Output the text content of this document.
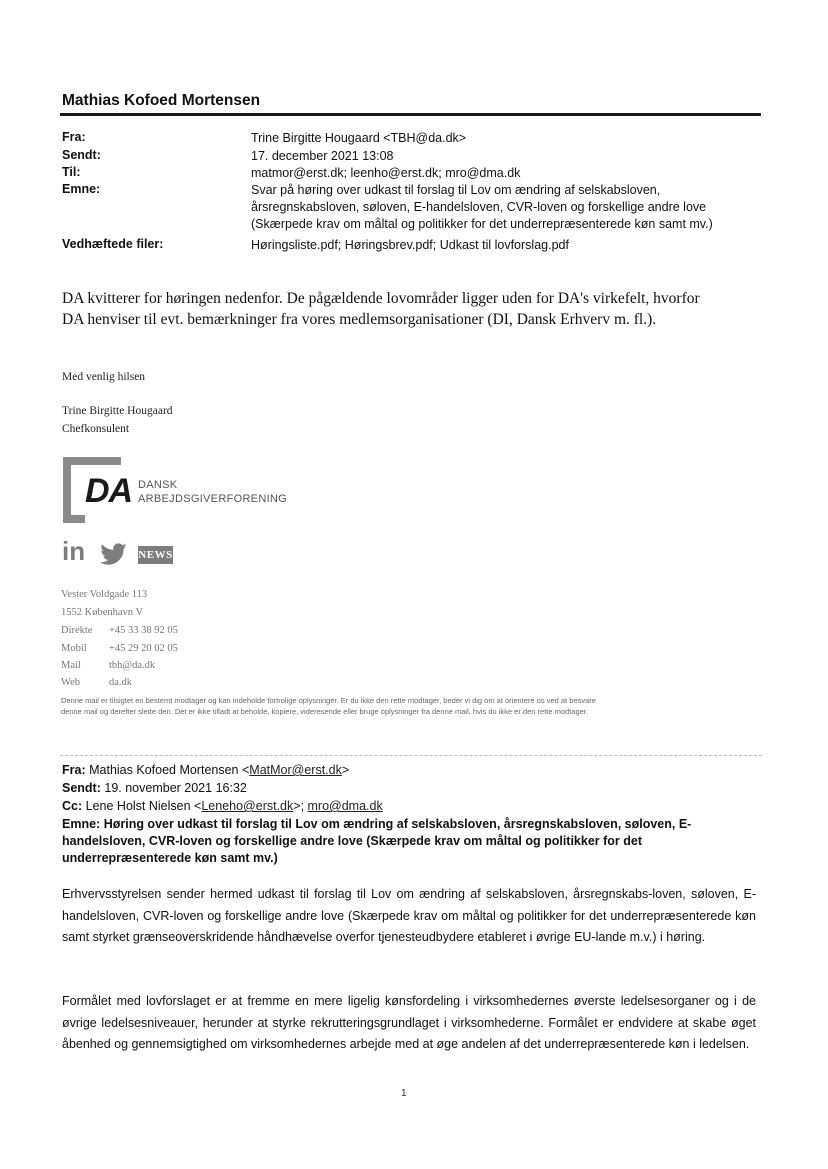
Mathias Kofoed Mortensen
Fra:	Trine Birgitte Hougaard <TBH@da.dk>
Sendt:	17. december 2021 13:08
Til:	matmor@erst.dk; leenho@erst.dk; mro@dma.dk
Emne:	Svar på høring over udkast til forslag til Lov om ændring af selskabsloven,
årsregnskabsloven, søloven, E-handelsloven, CVR-loven og forskellige andre love
(Skærpede krav om måltal og politikker for det underrepræsenterede køn samt mv.)
Vedhæftede filer:	Høringsliste.pdf; Høringsbrev.pdf; Udkast til lovforslag.pdf
DA kvitterer for høringen nedenfor. De pågældende lovområder ligger uden for DA's virkefelt, hvorfor
DA henviser til evt. bemærkninger fra vores medlemsorganisationer (DI, Dansk Erhverv m. fl.).
Med venlig hilsen
Trine Birgitte Hougaard
Chefkonsulent
DA DANSK
ARBEJDSGIVERFORENING
in	NEWS
Vester Voldgade 113
1552 København V
Direkte +45 33 38 92 05
Mobil +45 29 20 02 05
Mail	tbh@da.dk
Web	da.dk
Denne mail er tilsigtet en bestemt modtager og kan indeholde fortrolige oplysninger. Er du ikke den rette modtager, beder vi dig om at orientere os ved at besvare
denne mail og derefter slette den. Det er ikke tilladt at beholde, kopiere, videresende eller bruge oplysninger fra denne mail, hvis du ikke er den rette modtager.
Fra: Mathias Kofoed Mortensen <MatMor@erst.dk>
Sendt: 19. november 2021 16:32
Cc: Lene Holst Nielsen <Leneho@erst.dk>; mro@dma.dk
Emne: Høring over udkast til forslag til Lov om ændring af selskabsloven, årsregnskabsloven, søloven, E-
handelsloven, CVR-loven og forskellige andre love (Skærpede krav om måltal og politikker for det
underrepræsenterede køn samt mv.)
Erhvervsstyrelsen sender hermed udkast til forslag til Lov om ændring af selskabsloven, årsregnskabs-loven, søloven, E-handelsloven, CVR-loven og forskellige andre love (Skærpede krav om måltal og politikker for det underrepræsenterede køn samt styrket grænseoverskridende håndhævelse overfor tjenesteudbydere etableret i øvrige EU-lande m.v.) i høring.
Formålet med lovforslaget er at fremme en mere ligelig kønsfordeling i virksomhedernes øverste ledelsesorganer og i de øvrige ledelsesniveauer, herunder at styrke rekrutteringsgrundlaget i virksomhederne. Formålet er endvidere at skabe øget åbenhed og gennemsigtighed om virksomhedernes arbejde med at øge andelen af det underrepræsenterede køn i ledelsen.
1
